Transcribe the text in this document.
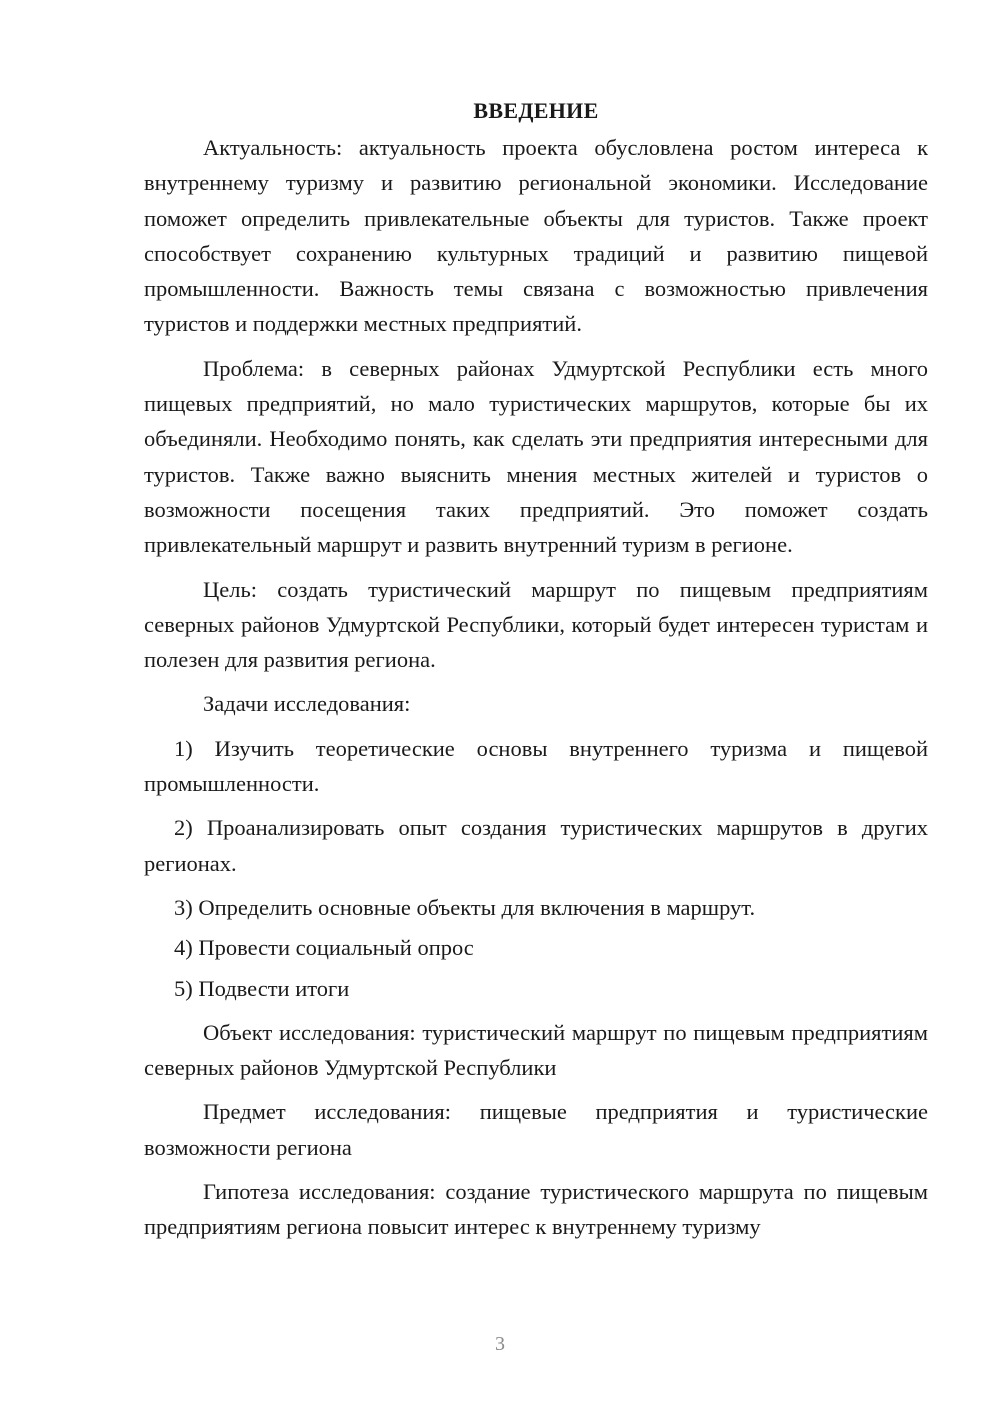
ВВЕДЕНИЕ

Актуальность: актуальность проекта обусловлена ростом интереса к внутреннему туризму и развитию региональной экономики. Исследование поможет определить привлекательные объекты для туристов. Также проект способствует сохранению культурных традиций и развитию пищевой промышленности. Важность темы связана с возможностью привлечения туристов и поддержки местных предприятий.

Проблема: в северных районах Удмуртской Республики есть много пищевых предприятий, но мало туристических маршрутов, которые бы их объединяли. Необходимо понять, как сделать эти предприятия интересными для туристов. Также важно выяснить мнения местных жителей и туристов о возможности посещения таких предприятий. Это поможет создать привлекательный маршрут и развить внутренний туризм в регионе.

Цель: создать туристический маршрут по пищевым предприятиям северных районов Удмуртской Республики, который будет интересен туристам и полезен для развития региона.

Задачи исследования:

1) Изучить теоретические основы внутреннего туризма и пищевой промышленности.

2) Проанализировать опыт создания туристических маршрутов в других регионах.

3) Определить основные объекты для включения в маршрут.

4) Провести социальный опрос

5) Подвести итоги

Объект исследования: туристический маршрут по пищевым предприятиям северных районов Удмуртской Республики

Предмет исследования: пищевые предприятия и туристические возможности региона

Гипотеза исследования: создание туристического маршрута по пищевым предприятиям региона повысит интерес к внутреннему туризму

3
